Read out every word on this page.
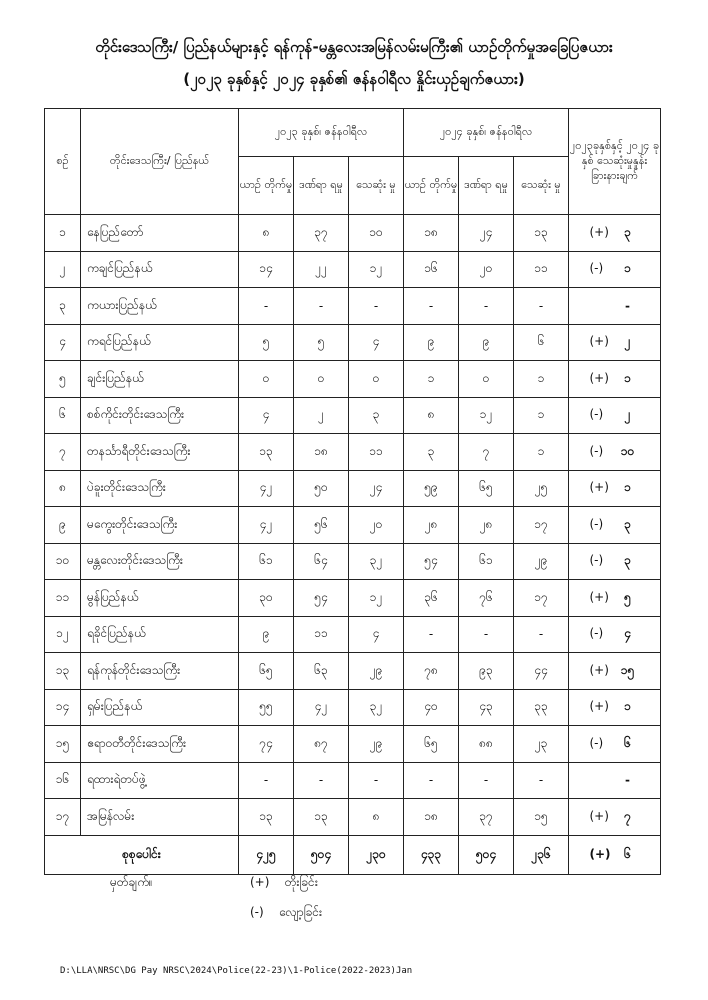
တိုင်းဒေသကြီး/ ပြည်နယ်များနှင့် ရန်ကုန်-မန္တလေးအမြန်လမ်းမကြီး၏ ယာဉ်တိုက်မှုအခြေပြဇယား
(၂၀၂၃ ခုနှစ်နှင့် ၂၀၂၄ ခုနှစ်၏ ဇန်နဝါရီလ နှိုင်းယှဉ်ချက်ဇယား)
စဉ်	တိုင်းဒေသကြီး/ ပြည်နယ်	၂၀၂၃ ခုနှစ်၊ ဇန်နဝါရီလ			၂၀၂၄ ခုနှစ်၊ ဇန်နဝါရီလ			၂၀၂၃ခုနှစ်နှင့် ၂၀၂၄ ခုနှစ် သေဆုံးမှုနှုန်း ခြားနားချက်
		ယာဉ် တိုက်မှု	ဒဏ်ရာ ရမှု	သေဆုံး မှု	ယာဉ် တိုက်မှု	ဒဏ်ရာ ရမှု	သေဆုံး မှု	
၁	နေပြည်တော်	၈	၃၇	၁၀	၁၈	၂၄	၁၃	(+) ၃
၂	ကချင်ပြည်နယ်	၁၄	၂၂	၁၂	၁၆	၂၀	၁၁	(-) ၁
၃	ကယားပြည်နယ်	-	-	-	-	-	-	-
၄	ကရင်ပြည်နယ်	၅	၅	၄	၉	၉	၆	(+) ၂
၅	ချင်းပြည်နယ်	၀	၀	၀	၁	၀	၁	(+) ၁
၆	စစ်ကိုင်းတိုင်းဒေသကြီး	၄	၂	၃	၈	၁၂	၁	(-) ၂
၇	တနင်္သာရီတိုင်းဒေသကြီး	၁၃	၁၈	၁၁	၃	၇	၁	(-) ၁၀
၈	ပဲခူးတိုင်းဒေသကြီး	၄၂	၅၀	၂၄	၅၉	၆၅	၂၅	(+) ၁
၉	မကွေးတိုင်းဒေသကြီး	၄၂	၅၆	၂၀	၂၈	၂၈	၁၇	(-) ၃
၁၀	မန္တလေးတိုင်းဒေသကြီး	၆၁	၆၄	၃၂	၅၄	၆၁	၂၉	(-) ၃
၁၁	မွန်ပြည်နယ်	၃၀	၅၄	၁၂	၃၆	၇၆	၁၇	(+) ၅
၁၂	ရခိုင်ပြည်နယ်	၉	၁၁	၄	-	-	-	(-) ၄
၁၃	ရန်ကုန်တိုင်းဒေသကြီး	၆၅	၆၃	၂၉	၇၈	၉၃	၄၄	(+) ၁၅
၁၄	ရှမ်းပြည်နယ်	၅၅	၄၂	၃၂	၄၀	၄၃	၃၃	(+) ၁
၁၅	ဧရာဝတီတိုင်းဒေသကြီး	၇၄	၈၇	၂၉	၆၅	၈၈	၂၃	(-) ၆
၁၆	ရထားရဲတပ်ဖွဲ့	-	-	-	-	-	-	-
၁၇	အမြန်လမ်း	၁၃	၁၃	၈	၁၈	၃၇	၁၅	(+) ၇
စုစုပေါင်း		၄၂၅	၅၀၄	၂၃၀	၄၃၃	၅၀၄	၂၃၆	(+) ၆
မှတ်ချက်။	(+) တိုးခြင်း
(-) လျော့ခြင်း
D:\LLA\NRSC\DG Pay NRSC\2024\Police(22-23)\1-Police(2022-2023)Jan
